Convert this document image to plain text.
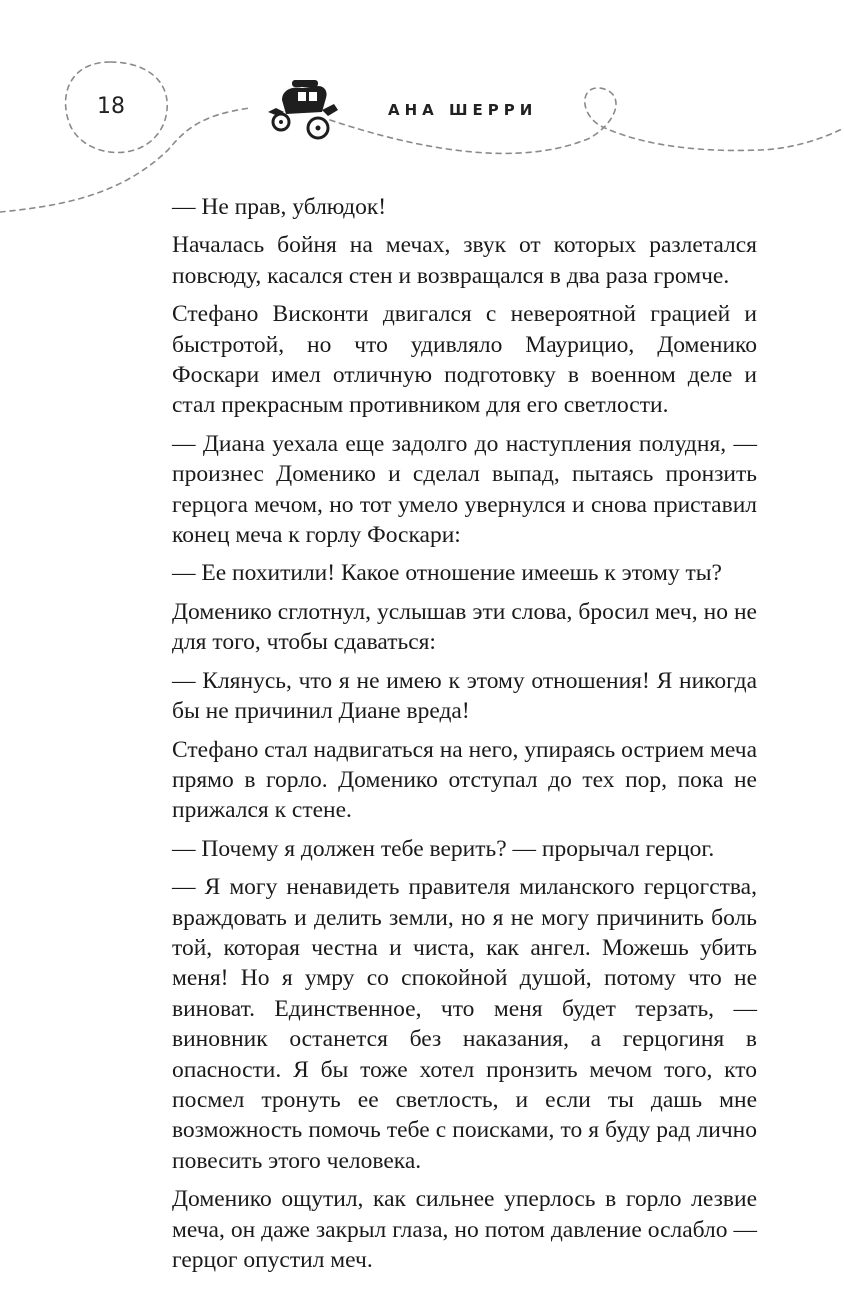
18	АНА ШЕРРИ

— Не прав, ублюдок!

Началась бойня на мечах, звук от которых разлетался повсюду, касался стен и возвращался в два раза громче.

Стефано Висконти двигался с невероятной грацией и быстротой, но что удивляло Маурицио, Доменико Фоскари имел отличную подготовку в военном деле и стал прекрасным противником для его светлости.

— Диана уехала еще задолго до наступления полудня, — произнес Доменико и сделал выпад, пытаясь пронзить герцога мечом, но тот умело увернулся и снова приставил конец меча к горлу Фоскари:

— Ее похитили! Какое отношение имеешь к этому ты?

Доменико сглотнул, услышав эти слова, бросил меч, но не для того, чтобы сдаваться:

— Клянусь, что я не имею к этому отношения! Я никогда бы не причинил Диане вреда!

Стефано стал надвигаться на него, упираясь острием меча прямо в горло. Доменико отступал до тех пор, пока не прижался к стене.

— Почему я должен тебе верить? — прорычал герцог.

— Я могу ненавидеть правителя миланского герцогства, враждовать и делить земли, но я не могу причинить боль той, которая честна и чиста, как ангел. Можешь убить меня! Но я умру со спокойной душой, потому что не виноват. Единственное, что меня будет терзать, — виновник останется без наказания, а герцогиня в опасности. Я бы тоже хотел пронзить мечом того, кто посмел тронуть ее светлость, и если ты дашь мне возможность помочь тебе с поисками, то я буду рад лично повесить этого человека.

Доменико ощутил, как сильнее уперлось в горло лезвие меча, он даже закрыл глаза, но потом давление ослабло — герцог опустил меч.
